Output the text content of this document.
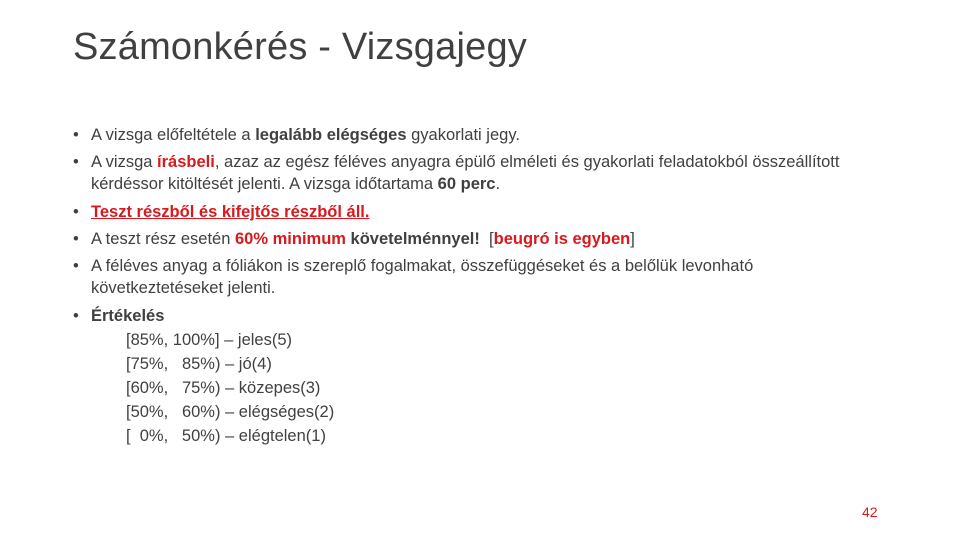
Számonkérés - Vizsgajegy
• A vizsga előfeltétele a legalább elégséges gyakorlati jegy.
• A vizsga írásbeli, azaz az egész féléves anyagra épülő elméleti és gyakorlati feladatokból összeállított kérdéssor kitöltését jelenti. A vizsga időtartama 60 perc.
• Teszt részből és kifejtős részből áll.
• A teszt rész esetén 60% minimum követelménnyel!  [beugró is egyben]
• A féléves anyag a fóliákon is szereplő fogalmakat, összefüggéseket és a belőlük levonható következtetéseket jelenti.
• Értékelés
[85%, 100%] – jeles(5)
[75%,   85%) – jó(4)
[60%,   75%) – közepes(3)
[50%,   60%) – elégséges(2)
[  0%,   50%) – elégtelen(1)
42
